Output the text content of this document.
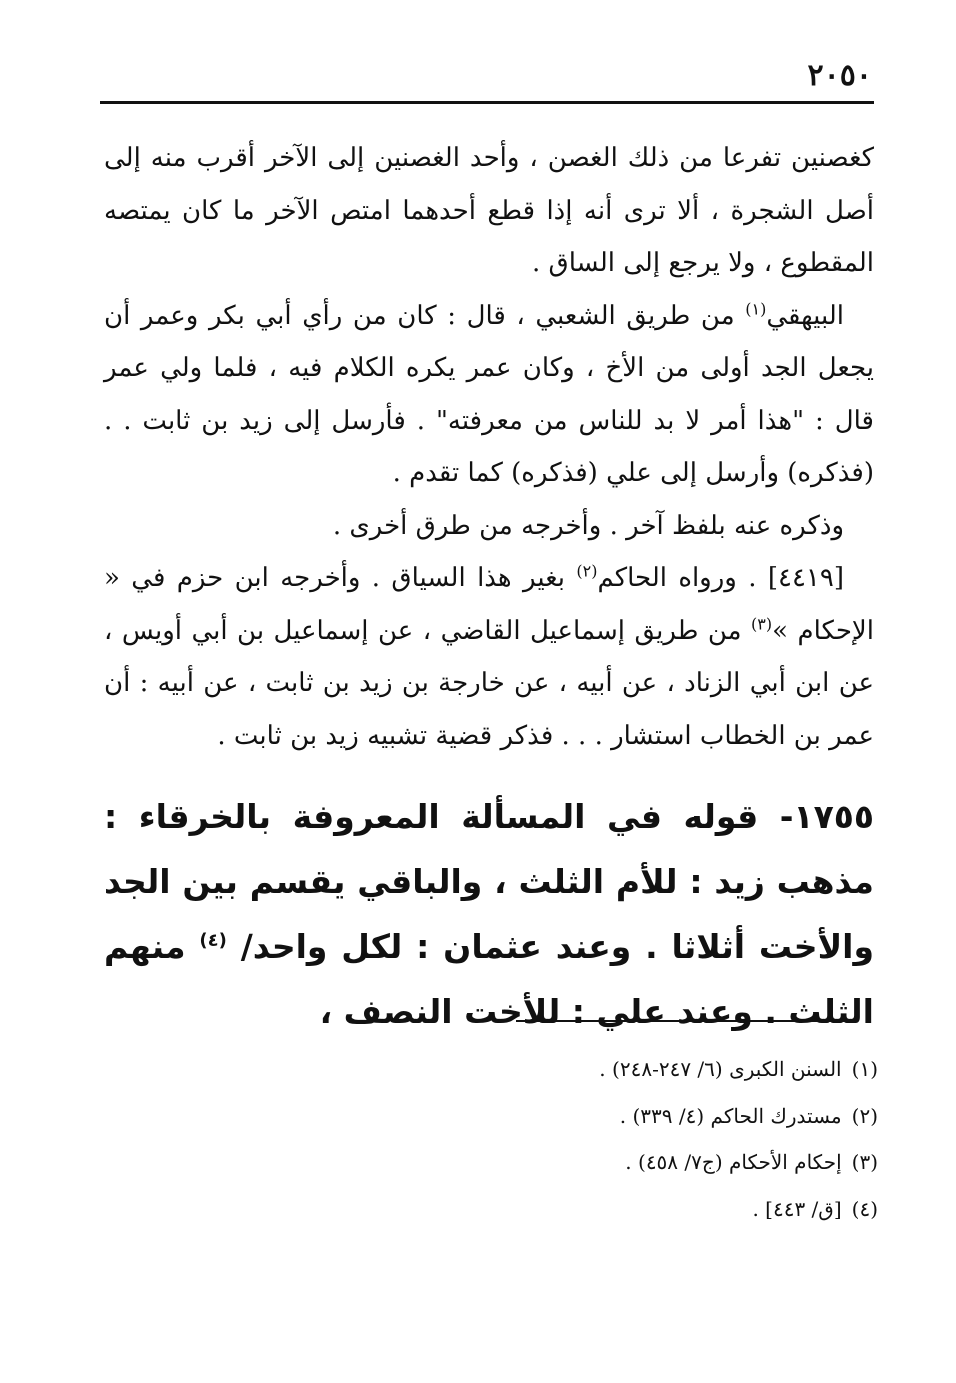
٢٠٥٠

كغصنين تفرعا من ذلك الغصن ، وأحد الغصنين إلى الآخر أقرب منه إلى أصل الشجرة ، ألا ترى أنه إذا قطع أحدهما امتص الآخر ما كان يمتصه المقطوع ، ولا يرجع إلى الساق .

البيهقي$^{(١)}$ من طريق الشعبي ، قال : كان من رأي أبي بكر وعمر أن يجعل الجد أولى من الأخ ، وكان عمر يكره الكلام فيه ، فلما ولي عمر قال : "هذا أمر لا بد للناس من معرفته" . فأرسل إلى زيد بن ثابت . . (فذكره) وأرسل إلى علي (فذكره) كما تقدم .

وذكره عنه بلفظ آخر . وأخرجه من طرق أخرى .

[٤٤١٩] . ورواه الحاكم$^{(٢)}$ بغير هذا السياق . وأخرجه ابن حزم في « الإحكام »$^{(٣)}$ من طريق إسماعيل القاضي ، عن إسماعيل بن أبي أويس ، عن ابن أبي الزناد ، عن أبيه ، عن خارجة بن زيد بن ثابت ، عن أبيه : أن عمر بن الخطاب استشار . . . فذكر قضية تشبيه زيد بن ثابت .

١٧٥٥- قوله في المسألة المعروفة بالخرقاء : مذهب زيد : للأم الثلث ، والباقي يقسم بين الجد والأخت أثلاثا . وعند عثمان : لكل واحد/ $^{(٤)}$ منهم الثلث . وعند علي : للأخت النصف ،
(١)السنن الكبرى (٦/ ٢٤٧-٢٤٨) .
(٢)مستدرك الحاكم (٤/ ٣٣٩) .
(٣)إحكام الأحكام (ج٧/ ٤٥٨) .
(٤)[ق/ ٤٤٣] .
